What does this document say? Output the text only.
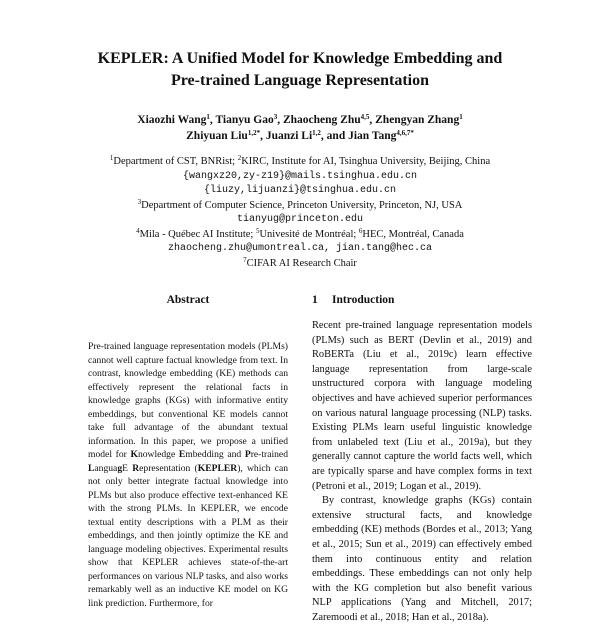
KEPLER: A Unified Model for Knowledge Embedding and
Pre-trained Language Representation
Xiaozhi Wang$^1$, Tianyu Gao$^3$, Zhaocheng Zhu$^{4,5}$, Zhengyan Zhang$^1$
Zhiyuan Liu$^{1,2*}$, Juanzi Li$^{1,2}$, and Jian Tang$^{4,6,7*}$
$^1$Department of CST, BNRist; $^2$KIRC, Institute for AI, Tsinghua University, Beijing, China
{wangxz20,zy-z19}@mails.tsinghua.edu.cn
{liuzy,lijuanzi}@tsinghua.edu.cn
$^3$Department of Computer Science, Princeton University, Princeton, NJ, USA
tianyug@princeton.edu
$^4$Mila - Québec AI Institute; $^5$Univesité de Montréal; $^6$HEC, Montréal, Canada
zhaocheng.zhu@umontreal.ca, jian.tang@hec.ca
$^7$CIFAR AI Research Chair
Abstract

Pre-trained language representation models (PLMs) cannot well capture factual knowledge from text. In contrast, knowledge embedding (KE) methods can effectively represent the relational facts in knowledge graphs (KGs) with informative entity embeddings, but conventional KE models cannot take full advantage of the abundant textual information. In this paper, we propose a unified model for Knowledge Embedding and Pre-trained LanguagE Representation (KEPLER), which can not only better integrate factual knowledge into PLMs but also produce effective text-enhanced KE with the strong PLMs. In KEPLER, we encode textual entity descriptions with a PLM as their embeddings, and then jointly optimize the KE and language modeling objectives. Experimental results show that KEPLER achieves state-of-the-art performances on various NLP tasks, and also works remarkably well as an inductive KE model on KG link prediction. Furthermore, for

1 Introduction

Recent pre-trained language representation models (PLMs) such as BERT (Devlin et al., 2019) and RoBERTa (Liu et al., 2019c) learn effective language representation from large-scale unstructured corpora with language modeling objectives and have achieved superior performances on various natural language processing (NLP) tasks. Existing PLMs learn useful linguistic knowledge from unlabeled text (Liu et al., 2019a), but they generally cannot capture the world facts well, which are typically sparse and have complex forms in text (Petroni et al., 2019; Logan et al., 2019).

By contrast, knowledge graphs (KGs) contain extensive structural facts, and knowledge embedding (KE) methods (Bordes et al., 2013; Yang et al., 2015; Sun et al., 2019) can effectively embed them into continuous entity and relation embeddings. These embeddings can not only help with the KG completion but also benefit various NLP applications (Yang and Mitchell, 2017; Zaremoodi et al., 2018; Han et al., 2018a).
